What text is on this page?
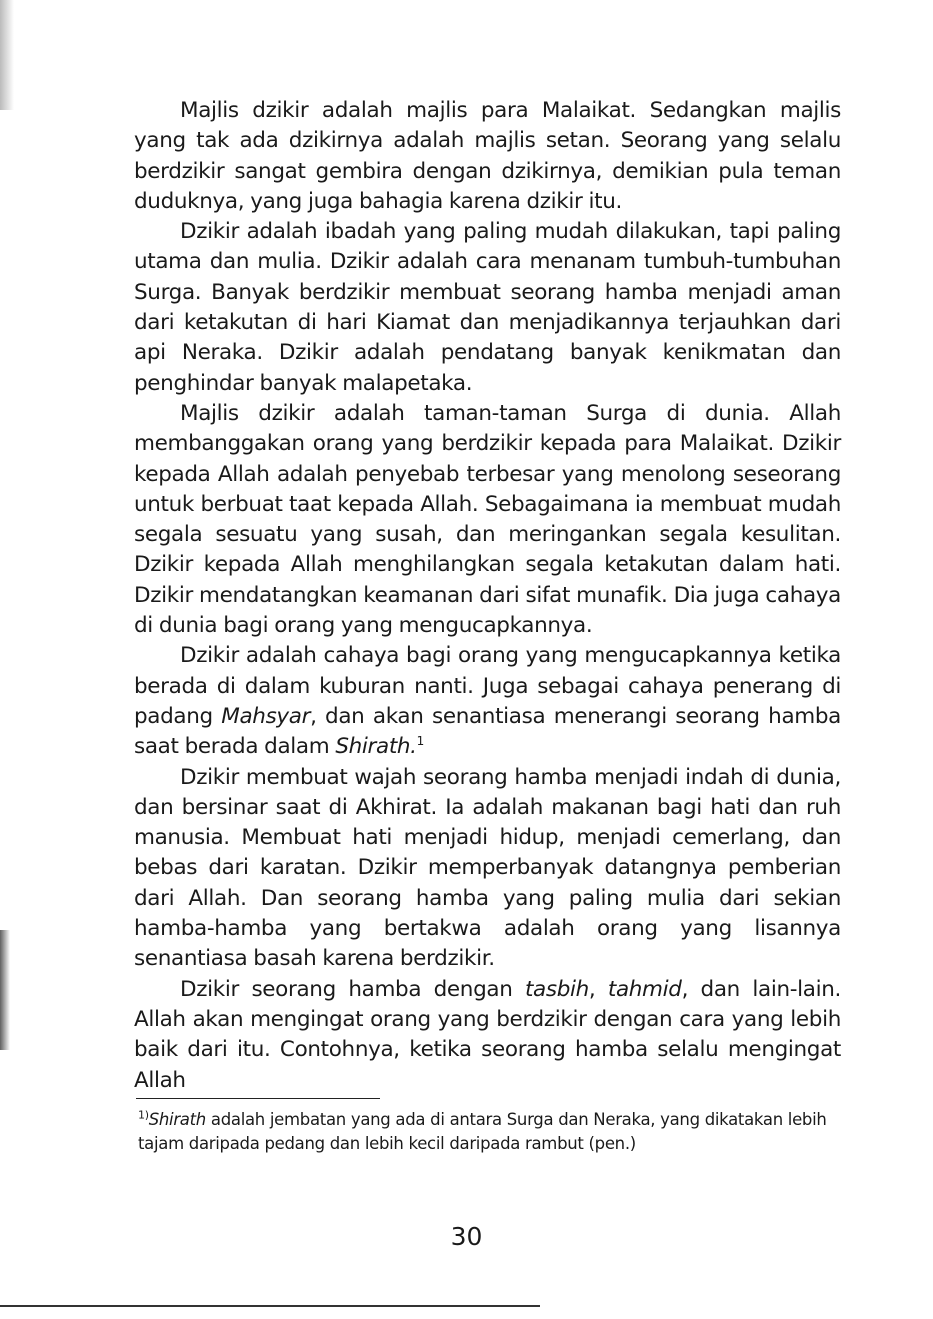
Majlis dzikir adalah majlis para Malaikat. Sedangkan majlis yang tak ada dzikirnya adalah majlis setan. Seorang yang selalu berdzikir sangat gembira dengan dzikirnya, demikian pula teman duduknya, yang juga bahagia karena dzikir itu.

Dzikir adalah ibadah yang paling mudah dilakukan, tapi paling utama dan mulia. Dzikir adalah cara menanam tumbuh-tumbuhan Surga. Banyak berdzikir membuat seorang hamba menjadi aman dari ketakutan di hari Kiamat dan menjadikannya terjauhkan dari api Neraka. Dzikir adalah pendatang banyak kenikmatan dan penghindar banyak malapetaka.

Majlis dzikir adalah taman-taman Surga di dunia. Allah membanggakan orang yang berdzikir kepada para Malaikat. Dzikir kepada Allah adalah penyebab terbesar yang menolong seseorang untuk berbuat taat kepada Allah. Sebagaimana ia membuat mudah segala sesuatu yang susah, dan meringankan segala kesulitan. Dzikir kepada Allah menghilangkan segala ketakutan dalam hati. Dzikir mendatangkan keamanan dari sifat munafik. Dia juga cahaya di dunia bagi orang yang mengucapkannya.

Dzikir adalah cahaya bagi orang yang mengucapkannya ketika berada di dalam kuburan nanti. Juga sebagai cahaya penerang di padang Mahsyar, dan akan senantiasa menerangi seorang hamba saat berada dalam Shirath.$^1$

Dzikir membuat wajah seorang hamba menjadi indah di dunia, dan bersinar saat di Akhirat. Ia adalah makanan bagi hati dan ruh manusia. Membuat hati menjadi hidup, menjadi cemerlang, dan bebas dari karatan. Dzikir memperbanyak datangnya pemberian dari Allah. Dan seorang hamba yang paling mulia dari sekian hamba-hamba yang bertakwa adalah orang yang lisannya senantiasa basah karena berdzikir.

Dzikir seorang hamba dengan tasbih, tahmid, dan lain-lain. Allah akan mengingat orang yang berdzikir dengan cara yang lebih baik dari itu. Contohnya, ketika seorang hamba selalu mengingat Allah

$^{1)}$Shirath adalah jembatan yang ada di antara Surga dan Neraka, yang dikatakan lebih tajam daripada pedang dan lebih kecil daripada rambut (pen.)
30
